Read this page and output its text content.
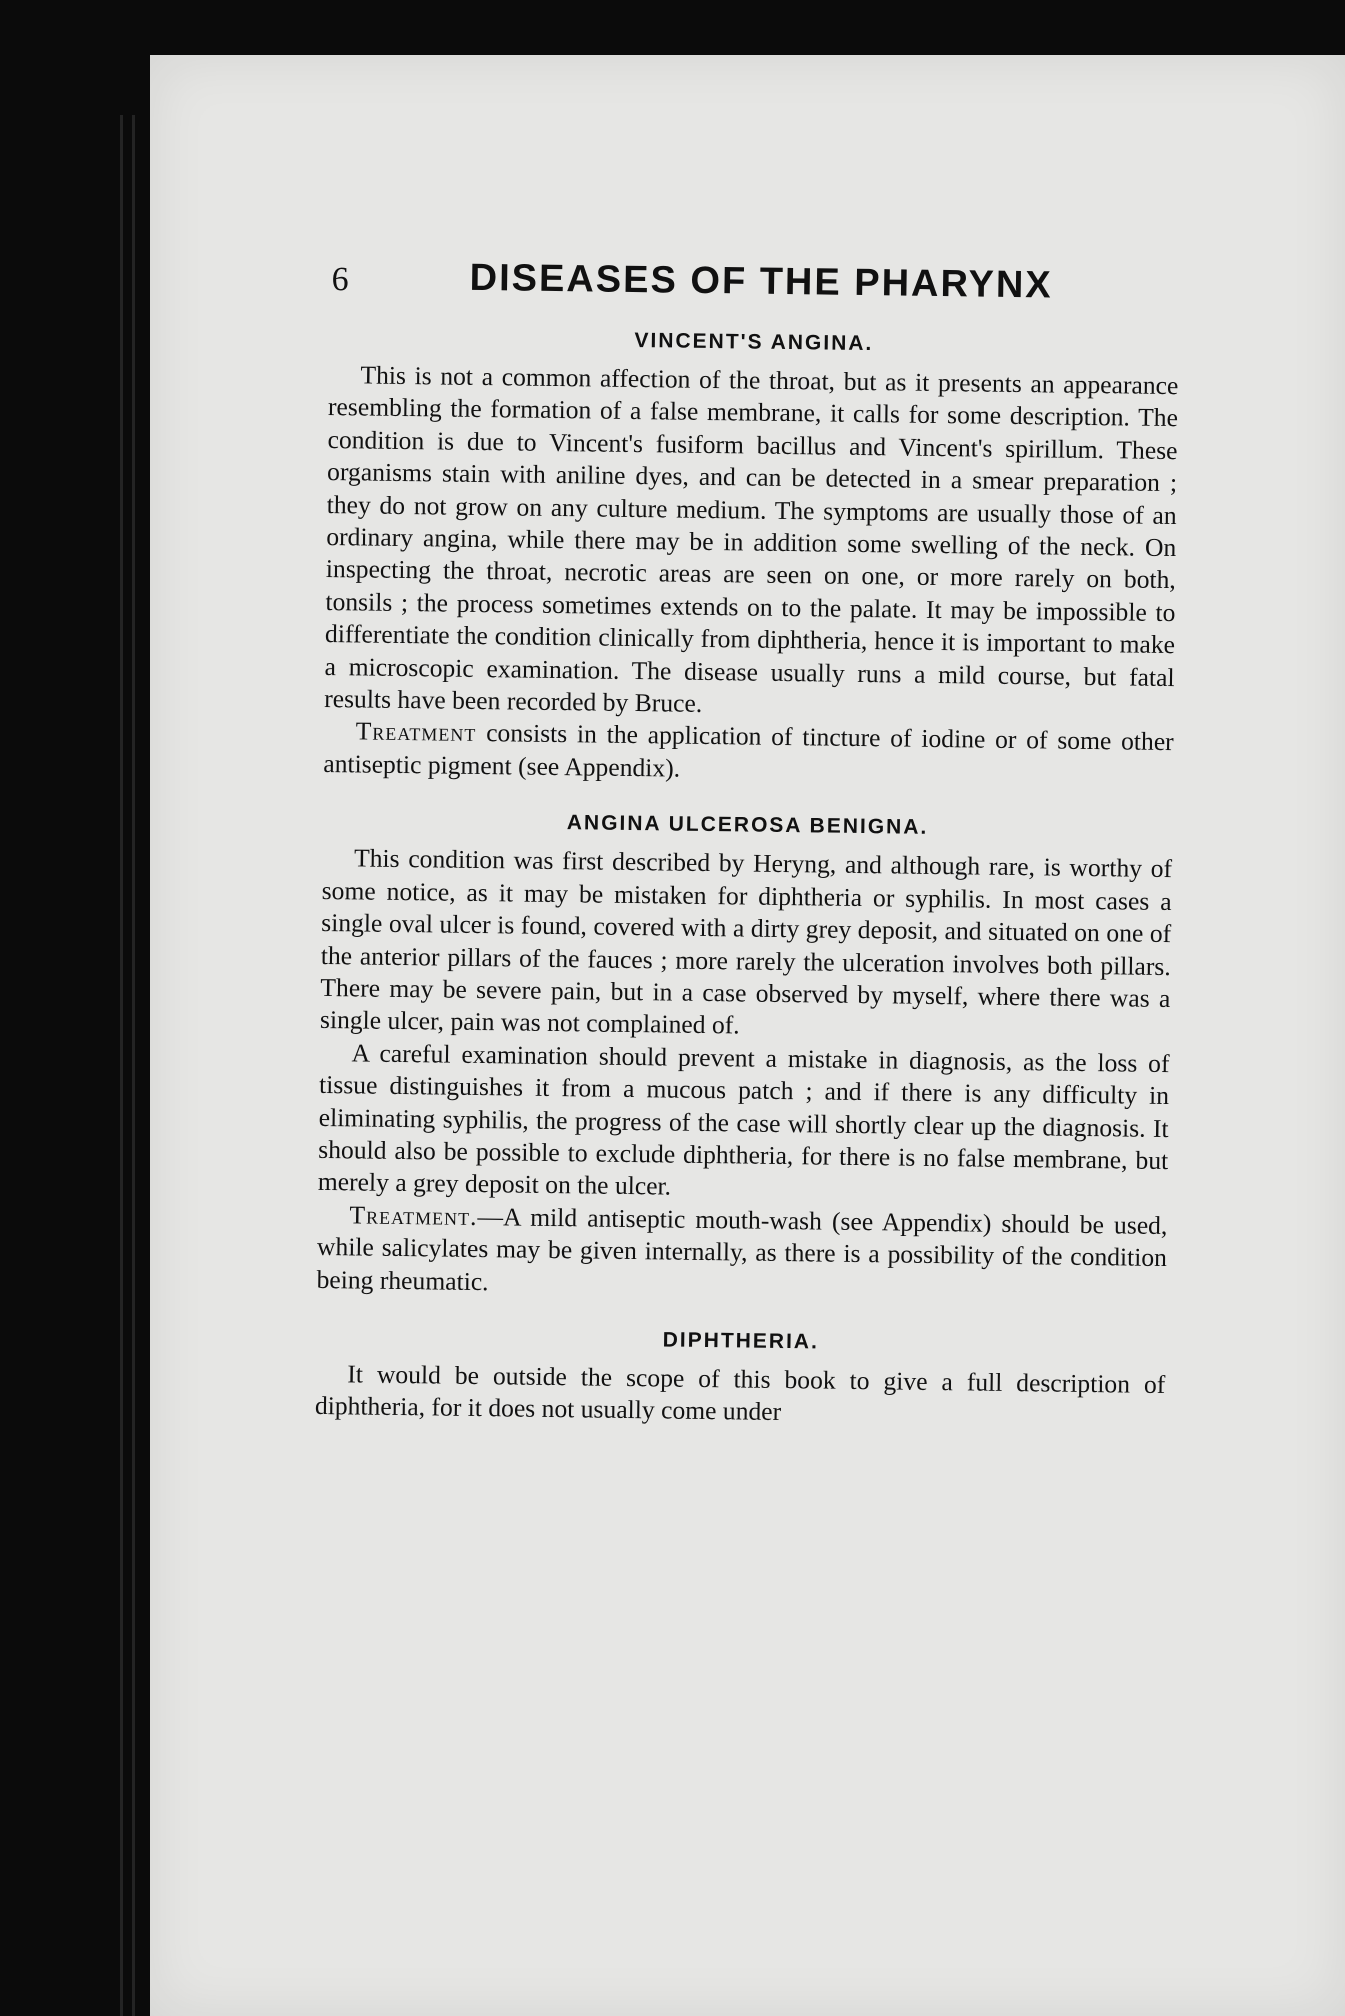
6	DISEASES OF THE PHARYNX
VINCENT'S ANGINA.

This is not a common affection of the throat, but as it presents an appearance resembling the formation of a false membrane, it calls for some description. The condition is due to Vincent's fusiform bacillus and Vincent's spirillum. These organisms stain with aniline dyes, and can be detected in a smear preparation ; they do not grow on any culture medium. The symptoms are usually those of an ordinary angina, while there may be in addition some swelling of the neck. On inspecting the throat, necrotic areas are seen on one, or more rarely on both, tonsils ; the process sometimes extends on to the palate. It may be impossible to differentiate the condition clinically from diphtheria, hence it is important to make a microscopic examination. The disease usually runs a mild course, but fatal results have been recorded by Bruce.

Treatment consists in the application of tincture of iodine or of some other antiseptic pigment (see Appendix).

ANGINA ULCEROSA BENIGNA.

This condition was first described by Heryng, and although rare, is worthy of some notice, as it may be mistaken for diphtheria or syphilis. In most cases a single oval ulcer is found, covered with a dirty grey deposit, and situated on one of the anterior pillars of the fauces ; more rarely the ulceration involves both pillars. There may be severe pain, but in a case observed by myself, where there was a single ulcer, pain was not complained of.

A careful examination should prevent a mistake in diagnosis, as the loss of tissue distinguishes it from a mucous patch ; and if there is any difficulty in eliminating syphilis, the progress of the case will shortly clear up the diagnosis. It should also be possible to exclude diphtheria, for there is no false membrane, but merely a grey deposit on the ulcer.

Treatment.—A mild antiseptic mouth-wash (see Appendix) should be used, while salicylates may be given internally, as there is a possibility of the condition being rheumatic.

DIPHTHERIA.

It would be outside the scope of this book to give a full description of diphtheria, for it does not usually come under
